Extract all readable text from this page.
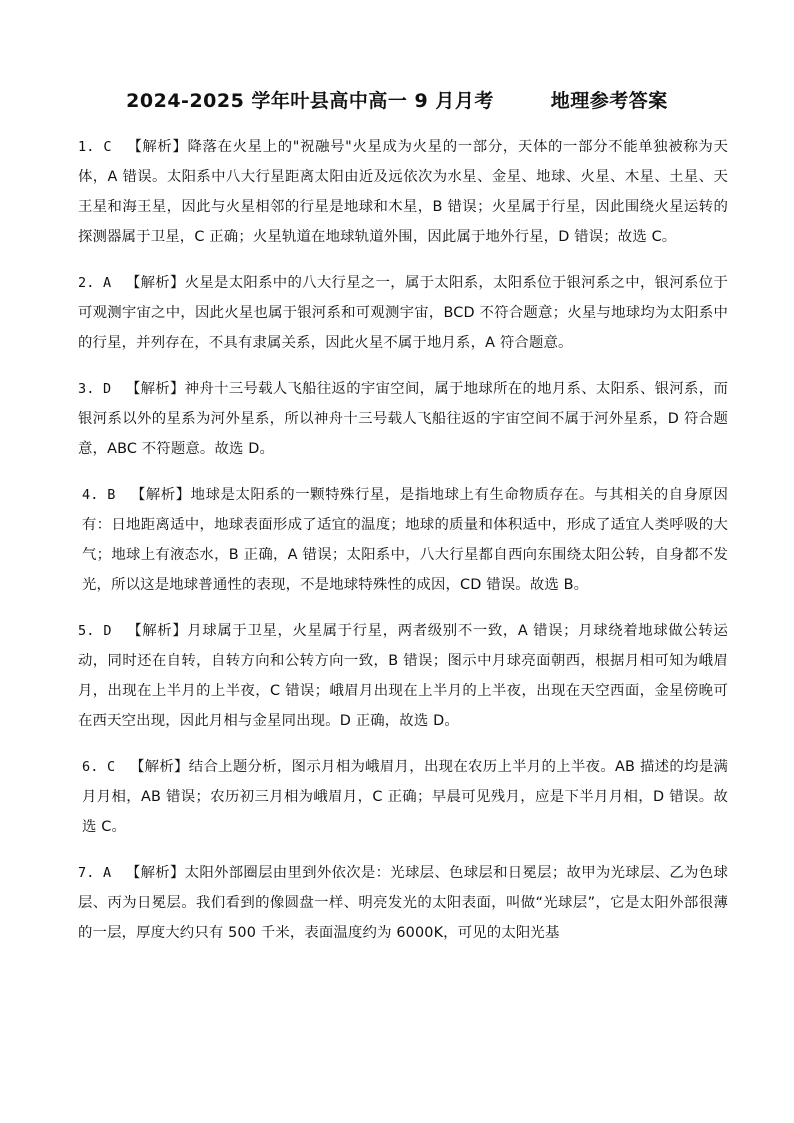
2024-2025 学年叶县高中高一 9 月月考        地理参考答案

1. C 【解析】降落在火星上的"祝融号"火星成为火星的一部分，天体的一部分不能单独被称为天体，A 错误。太阳系中八大行星距离太阳由近及远依次为水星、金星、地球、火星、木星、土星、天王星和海王星，因此与火星相邻的行星是地球和木星，B 错误；火星属于行星，因此围绕火星运转的探测器属于卫星，C 正确；火星轨道在地球轨道外围，因此属于地外行星，D 错误；故选 C。

2. A 【解析】火星是太阳系中的八大行星之一，属于太阳系，太阳系位于银河系之中，银河系位于可观测宇宙之中，因此火星也属于银河系和可观测宇宙，BCD 不符合题意；火星与地球均为太阳系中的行星，并列存在，不具有隶属关系，因此火星不属于地月系，A 符合题意。

3. D 【解析】神舟十三号载人飞船往返的宇宙空间，属于地球所在的地月系、太阳系、银河系，而银河系以外的星系为河外星系，所以神舟十三号载人飞船往返的宇宙空间不属于河外星系，D 符合题意，ABC 不符题意。故选 D。

4. B 【解析】地球是太阳系的一颗特殊行星，是指地球上有生命物质存在。与其相关的自身原因有：日地距离适中，地球表面形成了适宜的温度；地球的质量和体积适中，形成了适宜人类呼吸的大气；地球上有液态水，B 正确，A 错误；太阳系中，八大行星都自西向东围绕太阳公转，自身都不发光，所以这是地球普通性的表现，不是地球特殊性的成因，CD 错误。故选 B。

5. D 【解析】月球属于卫星，火星属于行星，两者级别不一致，A 错误；月球绕着地球做公转运动，同时还在自转，自转方向和公转方向一致，B 错误；图示中月球亮面朝西，根据月相可知为峨眉月，出现在上半月的上半夜，C 错误；峨眉月出现在上半月的上半夜，出现在天空西面，金星傍晚可在西天空出现，因此月相与金星同出现。D 正确，故选 D。

6. C 【解析】结合上题分析，图示月相为峨眉月，出现在农历上半月的上半夜。AB 描述的均是满月月相，AB 错误；农历初三月相为峨眉月，C 正确；早晨可见残月，应是下半月月相，D 错误。故选 C。

7. A 【解析】太阳外部圈层由里到外依次是：光球层、色球层和日冕层；故甲为光球层、乙为色球层、丙为日冕层。我们看到的像圆盘一样、明亮发光的太阳表面，叫做“光球层”，它是太阳外部很薄的一层，厚度大约只有 500 千米，表面温度约为 6000K，可见的太阳光基
